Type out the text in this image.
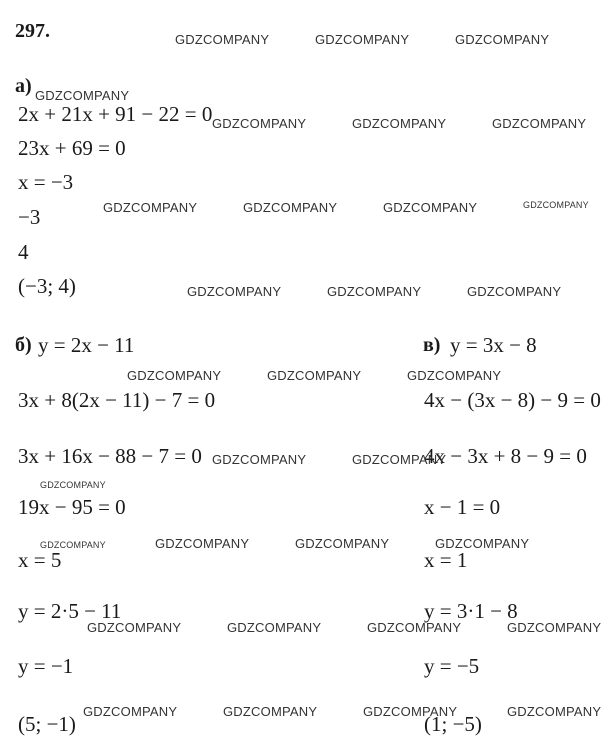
297.
а)
2x + 21x + 91 − 22 = 0
23x + 69 = 0
x = −3
−3
4
(−3; 4)
б) y = 2x − 11
3x + 8(2x − 11) − 7 = 0
3x + 16x − 88 − 7 = 0
19x − 95 = 0
x = 5
y = 2·5 − 11
y = −1
(5; −1)
в) y = 3x − 8
4x − (3x − 8) − 9 = 0
4x − 3x + 8 − 9 = 0
x − 1 = 0
x = 1
y = 3·1 − 8
y = −5
(1; −5)
GDZCOMPANY	GDZCOMPANY	GDZCOMPANY
GDZCOMPANY
GDZCOMPANY	GDZCOMPANY	GDZCOMPANY
GDZCOMPANY	GDZCOMPANY	GDZCOMPANY	GDZCOMPANY
GDZCOMPANY	GDZCOMPANY	GDZCOMPANY
GDZCOMPANY	GDZCOMPANY	GDZCOMPANY
GDZCOMPANY	GDZCOMPANY
GDZCOMPANY
GDZCOMPANY	GDZCOMPANY	GDZCOMPANY	GDZCOMPANY
GDZCOMPANY	GDZCOMPANY	GDZCOMPANY	GDZCOMPANY
GDZCOMPANY	GDZCOMPANY	GDZCOMPANY	GDZCOMPANY
